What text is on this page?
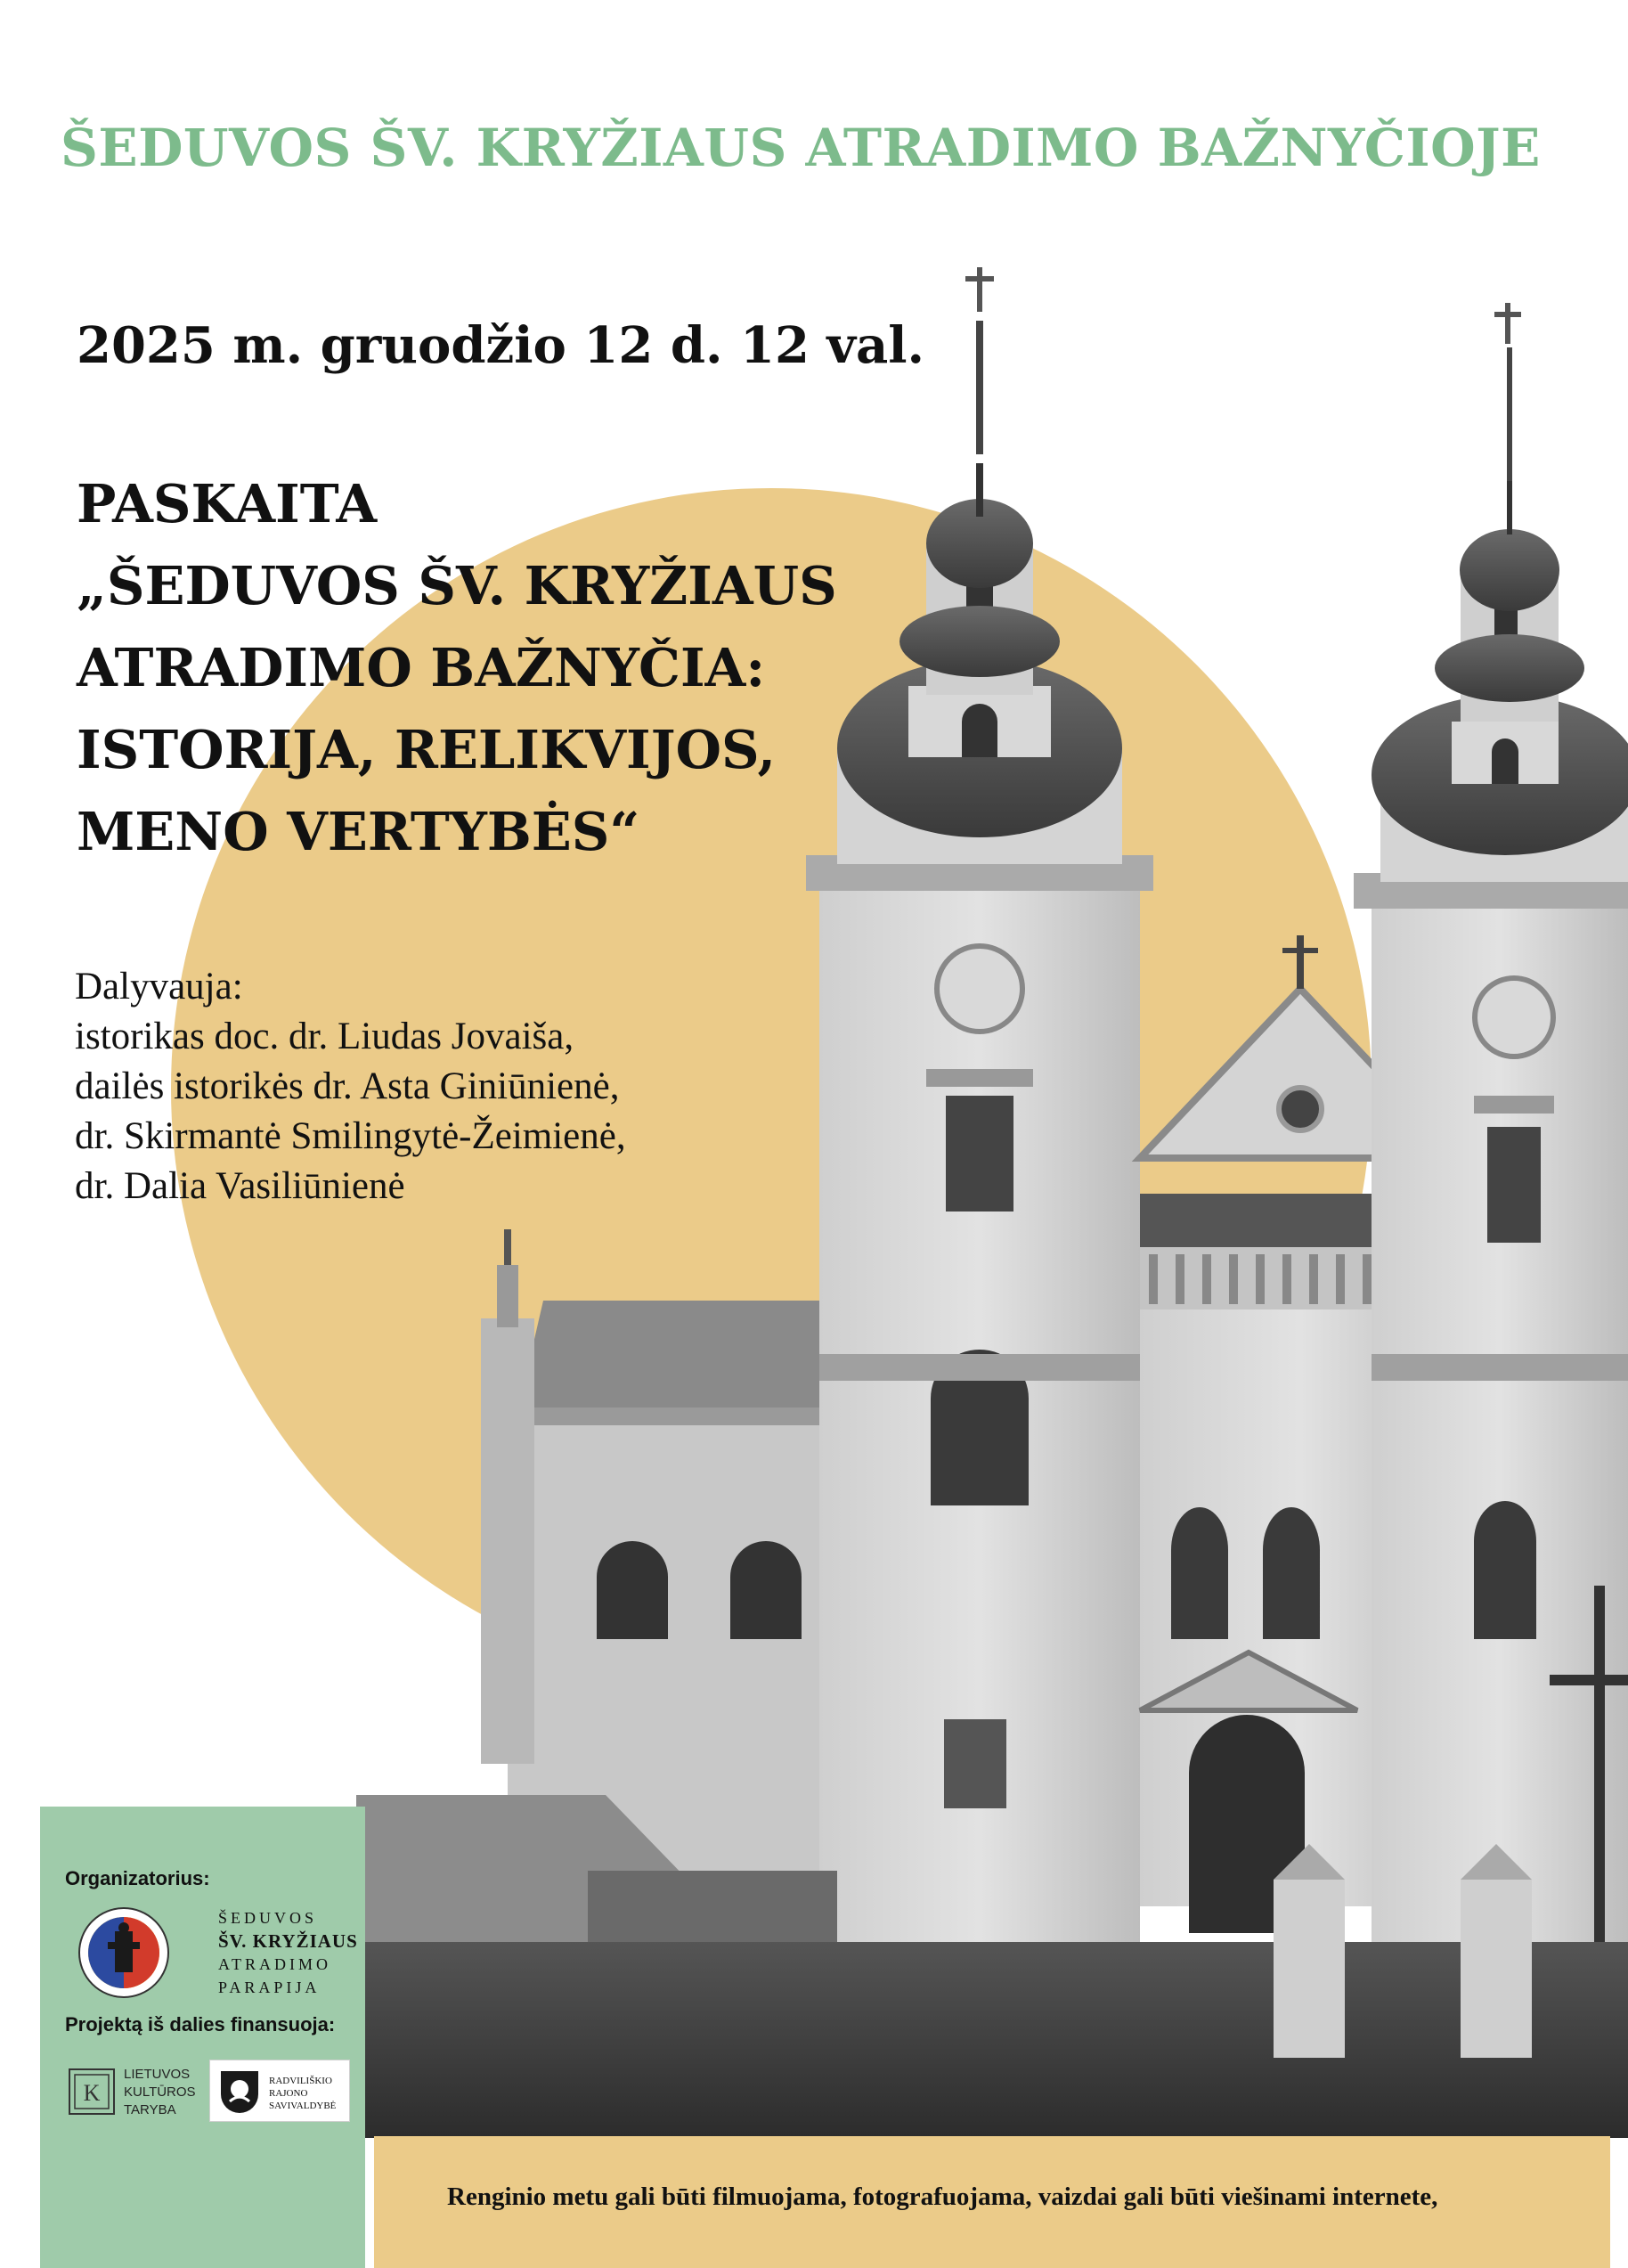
ŠEDUVOS ŠV. KRYŽIAUS ATRADIMO BAŽNYČIOJE
2025 m. gruodžio 12 d. 12 val.
PASKAITA
„ŠEDUVOS ŠV. KRYŽIAUS
ATRADIMO BAŽNYČIA:
ISTORIJA, RELIKVIJOS,
MENO VERTYBĖS“
Dalyvauja:
istorikas doc. dr. Liudas Jovaiša,
dailės istorikės dr. Asta Giniūnienė,
dr. Skirmantė Smilingytė-Žeimienė,
dr. Dalia Vasiliūnienė
Organizatorius:
ŠEDUVOS
ŠV. KRYŽIAUS
ATRADIMO
PARAPIJA
Projektą iš dalies finansuoja:
K
LIETUVOS
KULTŪROS
TARYBA
RADVILIŠKIO
RAJONO
SAVIVALDYBĖ
Renginio metu gali būti filmuojama, fotografuojama, vaizdai gali būti viešinami internete,
